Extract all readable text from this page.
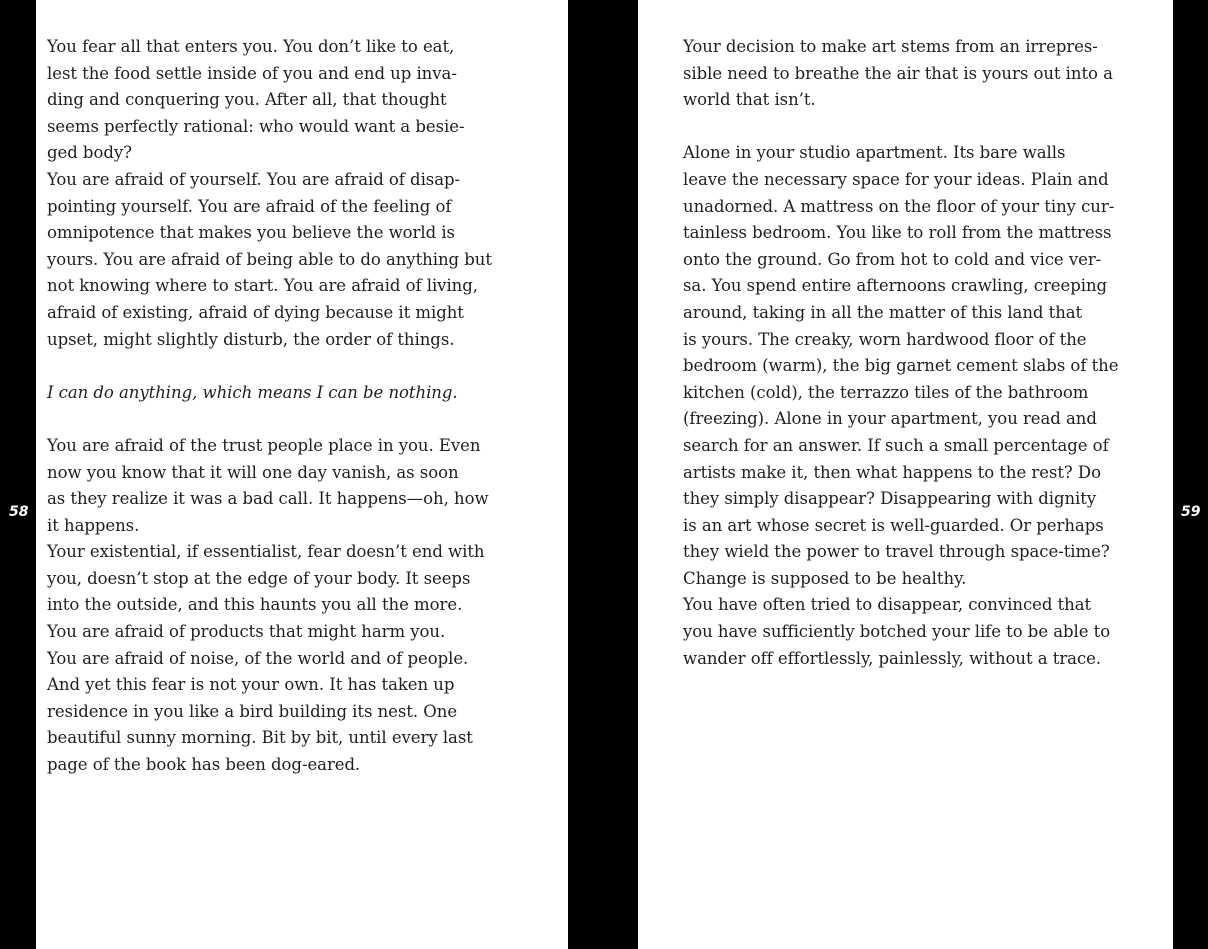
You fear all that enters you. You don’t like to eat,
lest the food settle inside of you and end up inva-
ding and conquering you. After all, that thought
seems perfectly rational: who would want a besie-
ged body?

You are afraid of yourself. You are afraid of disap-
pointing yourself. You are afraid of the feeling of
omnipotence that makes you believe the world is
yours. You are afraid of being able to do anything but
not knowing where to start. You are afraid of living,
afraid of existing, afraid of dying because it might
upset, might slightly disturb, the order of things.

I can do anything, which means I can be nothing.

You are afraid of the trust people place in you. Even
now you know that it will one day vanish, as soon
as they realize it was a bad call. It happens—oh, how
it happens.

Your existential, if essentialist, fear doesn’t end with
you, doesn’t stop at the edge of your body. It seeps
into the outside, and this haunts you all the more.
You are afraid of products that might harm you.
You are afraid of noise, of the world and of people.
And yet this fear is not your own. It has taken up
residence in you like a bird building its nest. One
beautiful sunny morning. Bit by bit, until every last
page of the book has been dog-eared.

Your decision to make art stems from an irrepres-
sible need to breathe the air that is yours out into a
world that isn’t.

Alone in your studio apartment. Its bare walls
leave the necessary space for your ideas. Plain and
unadorned. A mattress on the floor of your tiny cur-
tainless bedroom. You like to roll from the mattress
onto the ground. Go from hot to cold and vice ver-
sa. You spend entire afternoons crawling, creeping
around, taking in all the matter of this land that
is yours. The creaky, worn hardwood floor of the
bedroom (warm), the big garnet cement slabs of the
kitchen (cold), the terrazzo tiles of the bathroom
(freezing). Alone in your apartment, you read and
search for an answer. If such a small percentage of
artists make it, then what happens to the rest? Do
they simply disappear? Disappearing with dignity
is an art whose secret is well-guarded. Or perhaps
they wield the power to travel through space-time?
Change is supposed to be healthy.

You have often tried to disappear, convinced that
you have sufficiently botched your life to be able to
wander off effortlessly, painlessly, without a trace.

58	59
